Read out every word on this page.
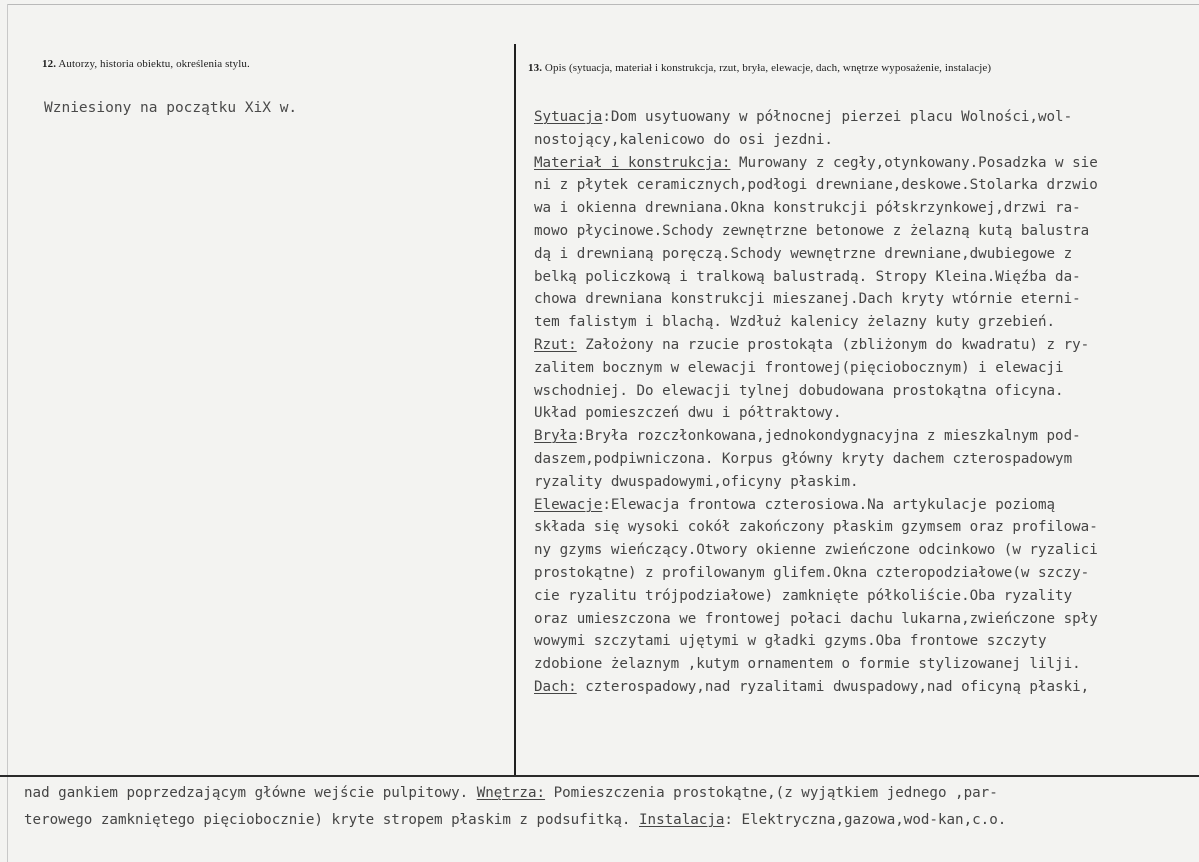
12. Autorzy, historia obiektu, określenia stylu.	13. Opis (sytuacja, materiał i konstrukcja, rzut, bryła, elewacje, dach, wnętrze wyposażenie, instalacje)
Wzniesiony na początku XiX w.
Sytuacja:Dom usytuowany w północnej pierzei placu Wolności,wol-
nostojący,kalenicowo do osi jezdni.
Materiał i konstrukcja: Murowany z cegły,otynkowany.Posadzka w sie
ni z płytek ceramicznych,podłogi drewniane,deskowe.Stolarka drzwio
wa i okienna drewniana.Okna konstrukcji półskrzynkowej,drzwi ra-
mowo płycinowe.Schody zewnętrzne betonowe z żelazną kutą balustra
dą i drewnianą poręczą.Schody wewnętrzne drewniane,dwubiegowe z
belką policzkową i tralkową balustradą. Stropy Kleina.Więźba da-
chowa drewniana konstrukcji mieszanej.Dach kryty wtórnie eterni-
tem falistym i blachą. Wzdłuż kalenicy żelazny kuty grzebień.
Rzut: Założony na rzucie prostokąta (zbliżonym do kwadratu) z ry-
zalitem bocznym w elewacji frontowej(pięciobocznym) i elewacji
wschodniej. Do elewacji tylnej dobudowana prostokątna oficyna.
Układ pomieszczeń dwu i półtraktowy.
Bryła:Bryła rozczłonkowana,jednokondygnacyjna z mieszkalnym pod-
daszem,podpiwniczona. Korpus główny kryty dachem czterospadowym
ryzality dwuspadowymi,oficyny płaskim.
Elewacje:Elewacja frontowa czterosiowa.Na artykulacje poziomą
składa się wysoki cokół zakończony płaskim gzymsem oraz profilowa-
ny gzyms wieńczący.Otwory okienne zwieńczone odcinkowo (w ryzalici
prostokątne) z profilowanym glifem.Okna czteropodziałowe(w szczy-
cie ryzalitu trójpodziałowe) zamknięte półkoliście.Oba ryzality
oraz umieszczona we frontowej połaci dachu lukarna,zwieńczone spły
wowymi szczytami ujętymi w gładki gzyms.Oba frontowe szczyty
zdobione żelaznym ,kutym ornamentem o formie stylizowanej lilji.
Dach: czterospadowy,nad ryzalitami dwuspadowy,nad oficyną płaski,
nad gankiem poprzedzającym główne wejście pulpitowy. Wnętrza: Pomieszczenia prostokątne,(z wyjątkiem jednego ,par-
terowego zamkniętego pięciobocznie) kryte stropem płaskim z podsufitką. Instalacja: Elektryczna,gazowa,wod-kan,c.o.
